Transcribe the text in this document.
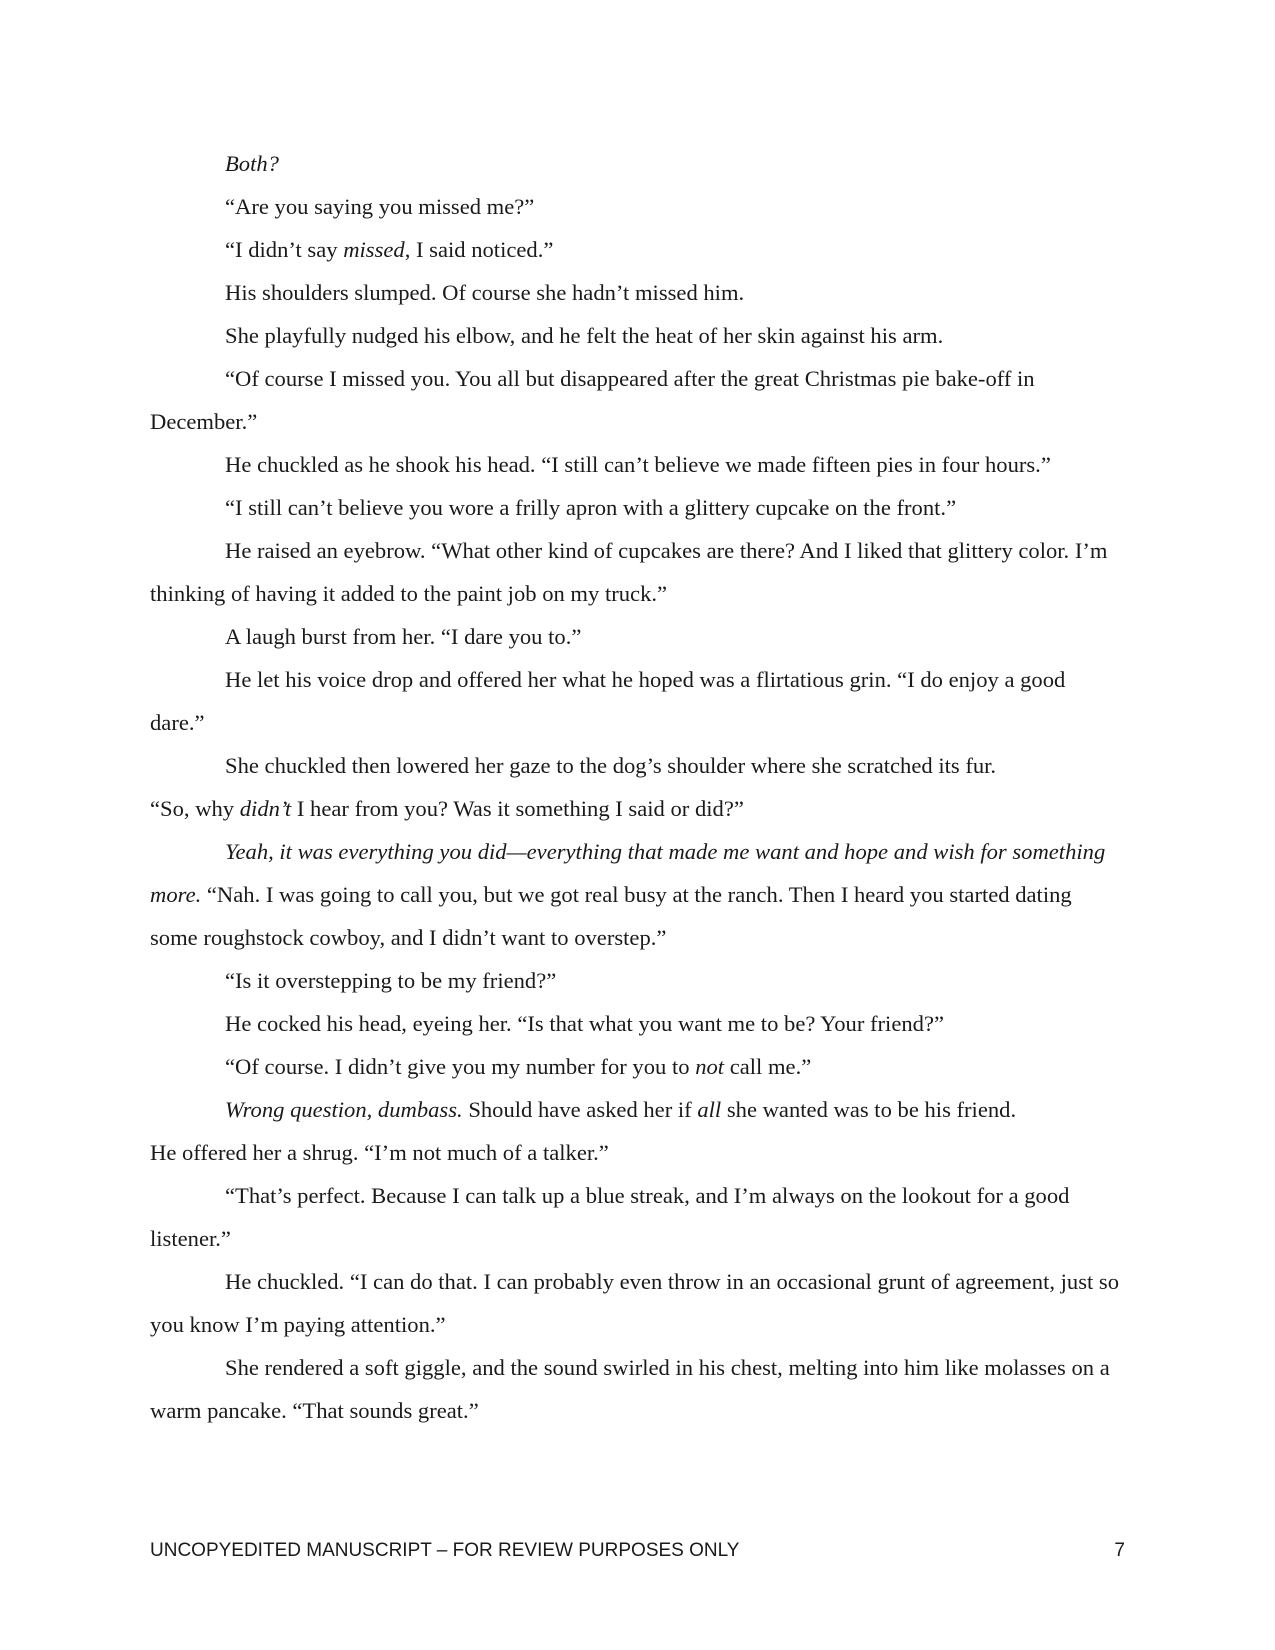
Both?

“Are you saying you missed me?”

“I didn’t say missed, I said noticed.”

His shoulders slumped. Of course she hadn’t missed him.

She playfully nudged his elbow, and he felt the heat of her skin against his arm.

“Of course I missed you. You all but disappeared after the great Christmas pie bake-off in December.”

He chuckled as he shook his head. “I still can’t believe we made fifteen pies in four hours.”

“I still can’t believe you wore a frilly apron with a glittery cupcake on the front.”

He raised an eyebrow. “What other kind of cupcakes are there? And I liked that glittery color. I’m thinking of having it added to the paint job on my truck.”

A laugh burst from her. “I dare you to.”

He let his voice drop and offered her what he hoped was a flirtatious grin. “I do enjoy a good dare.”

She chuckled then lowered her gaze to the dog’s shoulder where she scratched its fur.

“So, why didn’t I hear from you? Was it something I said or did?”

Yeah, it was everything you did—everything that made me want and hope and wish for something more. “Nah. I was going to call you, but we got real busy at the ranch. Then I heard you started dating some roughstock cowboy, and I didn’t want to overstep.”

“Is it overstepping to be my friend?”

He cocked his head, eyeing her. “Is that what you want me to be? Your friend?”

“Of course. I didn’t give you my number for you to not call me.”

Wrong question, dumbass. Should have asked her if all she wanted was to be his friend.

He offered her a shrug. “I’m not much of a talker.”

“That’s perfect. Because I can talk up a blue streak, and I’m always on the lookout for a good listener.”

He chuckled. “I can do that. I can probably even throw in an occasional grunt of agreement, just so you know I’m paying attention.”

She rendered a soft giggle, and the sound swirled in his chest, melting into him like molasses on a warm pancake. “That sounds great.”

UNCOPYEDITED MANUSCRIPT – FOR REVIEW PURPOSES ONLY	7
